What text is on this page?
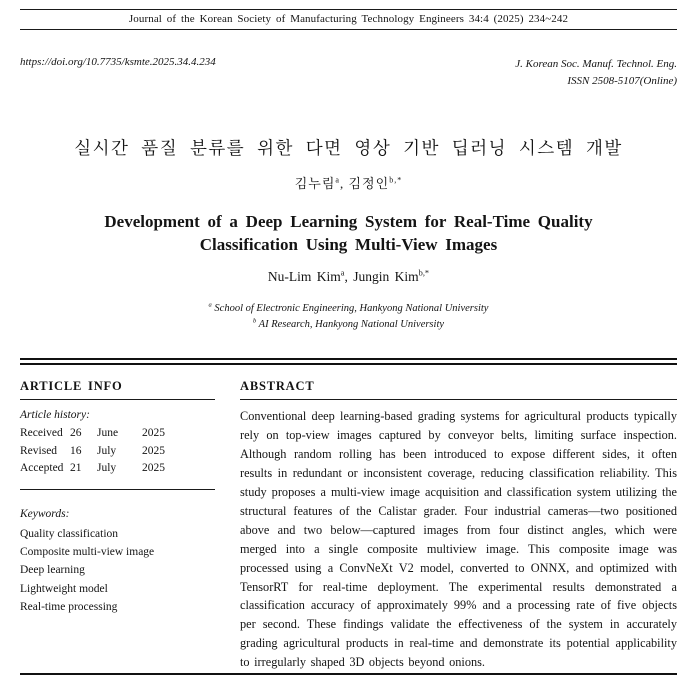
Journal of the Korean Society of Manufacturing Technology Engineers 34:4 (2025) 234~242
https://doi.org/10.7735/ksmte.2025.34.4.234	J. Korean Soc. Manuf. Technol. Eng.
ISSN 2508-5107(Online)
실시간 품질 분류를 위한 다면 영상 기반 딥러닝 시스템 개발

김누림$^a$, 김정인$^{b,*}$

Development of a Deep Learning System for Real-Time Quality Classification Using Multi-View Images

Nu-Lim Kim$^a$, Jungin Kim$^{b,*}$

$^a$ School of Electronic Engineering, Hankyong National University
$^b$ AI Research, Hankyong National University
ARTICLE INFO

Article history:

Received 26	June	2025
Revised	16	July	2025
Accepted 21	July	2025

Keywords:

Quality classification
Composite multi-view image
Deep learning
Lightweight model
Real-time processing
ABSTRACT

Conventional deep learning-based grading systems for agricultural products typically rely on top-view images captured by conveyor belts, limiting surface inspection. Although random rolling has been introduced to expose different sides, it often results in redundant or inconsistent coverage, reducing classification reliability. This study proposes a multi-view image acquisition and classification system utilizing the structural features of the Calistar grader. Four industrial cameras—two positioned above and two below—captured images from four distinct angles, which were merged into a single composite multiview image. This composite image was processed using a ConvNeXt V2 model, converted to ONNX, and optimized with TensorRT for real-time deployment. The experimental results demonstrated a classification accuracy of approximately 99% and a processing rate of five objects per second. These findings validate the effectiveness of the system in accurately grading agricultural products in real-time and demonstrate its potential applicability to irregularly shaped 3D objects beyond onions.
